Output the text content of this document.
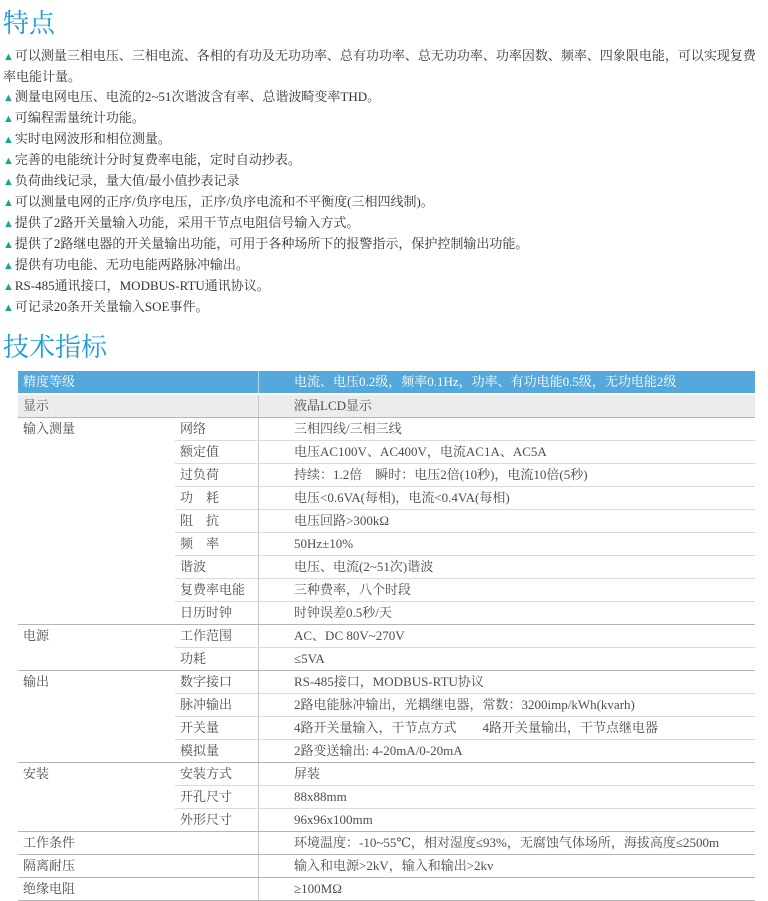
特点
▲可以测量三相电压、三相电流、各相的有功及无功功率、总有功功率、总无功功率、功率因数、频率、四象限电能，可以实现复费率电能计量。
▲测量电网电压、电流的2~51次谐波含有率、总谐波畸变率THD。
▲可编程需量统计功能。
▲实时电网波形和相位测量。
▲完善的电能统计分时复费率电能，定时自动抄表。
▲负荷曲线记录，量大值/最小值抄表记录
▲可以测量电网的正序/负序电压，正序/负序电流和不平衡度(三相四线制)。
▲提供了2路开关量输入功能，采用干节点电阻信号输入方式。
▲提供了2路继电器的开关量输出功能，可用于各种场所下的报警指示，保护控制输出功能。
▲提供有功电能、无功电能两路脉冲输出。
▲RS-485通讯接口，MODBUS-RTU通讯协议。
▲可记录20条开关量输入SOE事件。
技术指标
精度等级	电流、电压0.2级，频率0.1Hz，功率、有功电能0.5级，无功电能2级
显示	液晶LCD显示
输入测量	网络	三相四线/三相三线
额定值	电压AC100V、AC400V，电流AC1A、AC5A
过负荷	持续：1.2倍　瞬时：电压2倍(10秒)，电流10倍(5秒)
功　耗	电压<0.6VA(每相)，电流<0.4VA(每相)
阻　抗	电压回路>300kΩ
频　率	50Hz±10%
谐波	电压、电流(2~51次)谐波
复费率电能	三种费率，八个时段
日历时钟	时钟误差0.5秒/天
电源	工作范围	AC、DC 80V~270V
功耗	≤5VA
输出	数字接口	RS-485接口，MODBUS-RTU协议
脉冲输出	2路电能脉冲输出，光耦继电器，常数：3200imp/kWh(kvarh)
开关量	4路开关量输入，干节点方式　　4路开关量输出，干节点继电器
模拟量	2路变送输出: 4-20mA/0-20mA
安装	安装方式	屏装
开孔尺寸	88x88mm
外形尺寸	96x96x100mm
工作条件	环境温度：-10~55℃，相对湿度≤93%，无腐蚀气体场所，海拔高度≤2500m
隔离耐压	输入和电源>2kV，输入和输出>2kv
绝缘电阻	≥100MΩ
